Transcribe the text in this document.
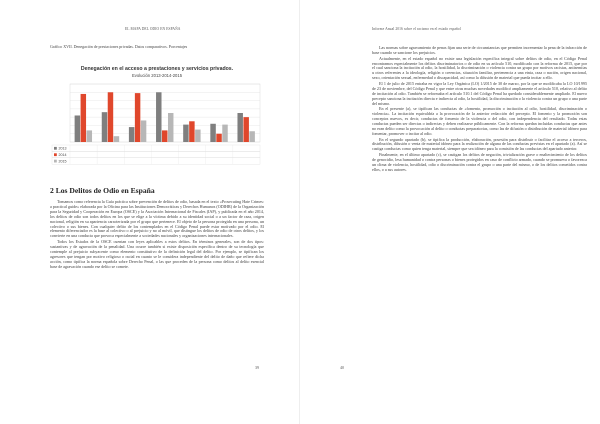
EL MAPA DEL ODIO EN ESPAÑA
Gráfico XVII. Denegación de prestaciones privadas. Datos comparativos. Porcentajes
Denegación en el acceso a prestaciones y servicios privados.
Evolución 2013-2014-2015
2013
2014
2015
2 Los Delitos de Odio en España

Tomamos como referencia la Guía práctica sobre prevención de delitos de odio, basada en el texto «Prosecuting Hate Crimes: a practical guide» elaborada por la Oficina para las Instituciones Democráticas y Derechos Humanos (ODIHR) de la Organización para la Seguridad y Cooperación en Europa (OSCE) y la Asociación Internacional de Fiscales (IAP), y publicada en el año 2014, los delitos de odio son todos delitos en los que se elige a la víctima debido a su identidad social o a un factor de raza, origen nacional, religión en su apariencia caracterizada por el grupo que pertenece. El objeto de la persona protegida en una persona, un colectivo o sus bienes. Con cualquier delito de los contemplados en el Código Penal puede estar motivado por el odio. El elemento diferenciador es la base al colectivo o al prejuicio y no al móvil, que distingue los delitos de odio de otros delitos, y los convierte en una conducta que provoca especialmente a sociedades nacionales y organizaciones internacionales.

Todos los Estados de la OSCE cuentan con leyes aplicables a estos delitos. En términos generales, son de dos tipos: sustantivas y de agravación de la penalidad. Una ocurre también si existe disposición específica dentro de su tecnología que contemple al prejuicio subyacente como elemento constitutivo de la definición legal del delito. Por ejemplo, se tipifican los agresores que tengan por motivo religioso o racial en cuanto se le considera independiente del delito de daño que refiere dicha acción, como tipifica la norma española sobre Derecho Penal, o las que proceden de la persona como delitos al delito esencial base de agravación cuando ese delito se comete.

39
Informe Anual 2016 sobre el racismo en el estado español

Las normas sobre agravamiento de penas fijan una serie de circunstancias que permiten incrementar la pena de la infracción de base cuando se sancione los prejuicios.

Actualmente, en el estado español no existe una legislación específica integral sobre delitos de odio, en el Código Penal encontramos especialmente los delitos discriminatorios o de odio en su artículo 510, modificado con la reforma de 2015, que por el cual sanciona la incitación al odio, la hostilidad, la discriminación o violencia contra un grupo por motivos racistas, antisemitas u otros referentes a la ideología, religión o creencias, situación familiar, pertenencia a una etnia, raza o nación, origen nacional, sexo, orientación sexual, enfermedad o discapacidad, así como la difusión de material que pueda incitar a ello.

El 1 de julio de 2015 entraba en vigor la Ley Orgánica (LO) 1/2015 de 30 de marzo, por la que se modificaba la LO 10/1995 de 23 de noviembre, del Código Penal y que entre otras muchas novedades modificó ampliamente el artículo 510, relativo al delito de incitación al odio. También se reformaba el artículo 510.1 del Código Penal ha quedado considerablemente ampliado. El nuevo precepto sanciona la incitación directa e indirecta al odio, la hostilidad, la discriminación o la violencia contra un grupo o una parte del mismo.

En el presente (a), se tipifican las conductas de «fomento, promoción o incitación al odio, hostilidad, discriminación o violencia». La incitación equivaldría a la provocación de la anterior redacción del precepto. El fomento y la promoción son conceptos nuevos, es decir, conductas de fomento de la violencia o del odio, con independencia del resultado. Todas estas conductas pueden ser directas o indirectas y deben realizarse públicamente. Con la reforma quedan incluidas conductas que antes no eran delito como la provocación al delito o conductas preparatorias, como las de difusión o distribución de material idóneo para fomentar, promover o incitar al odio.

En el segundo apartado (b), se tipifica la producción, elaboración, posesión para distribuir o facilitar el acceso a terceros, distribución, difusión o venta de material idóneo para la realización de alguna de las conductas previstas en el apartado (a). Así se castiga conductas como quien tenga material, siempre que sea idóneo para la comisión de las conductas del apartado anterior.

Finalmente, en el último apartado (c), se castigan los delitos de negación, trivialización grave o enaltecimiento de los delitos de genocidio, lesa humanidad o contra personas o bienes protegidos en caso de conflicto armado, cuando se promueva o favorezca un clima de violencia, hostilidad, odio o discriminación contra el grupo o una parte del mismo, o de los delitos cometidos contra ellos, o a sus autores.

40
